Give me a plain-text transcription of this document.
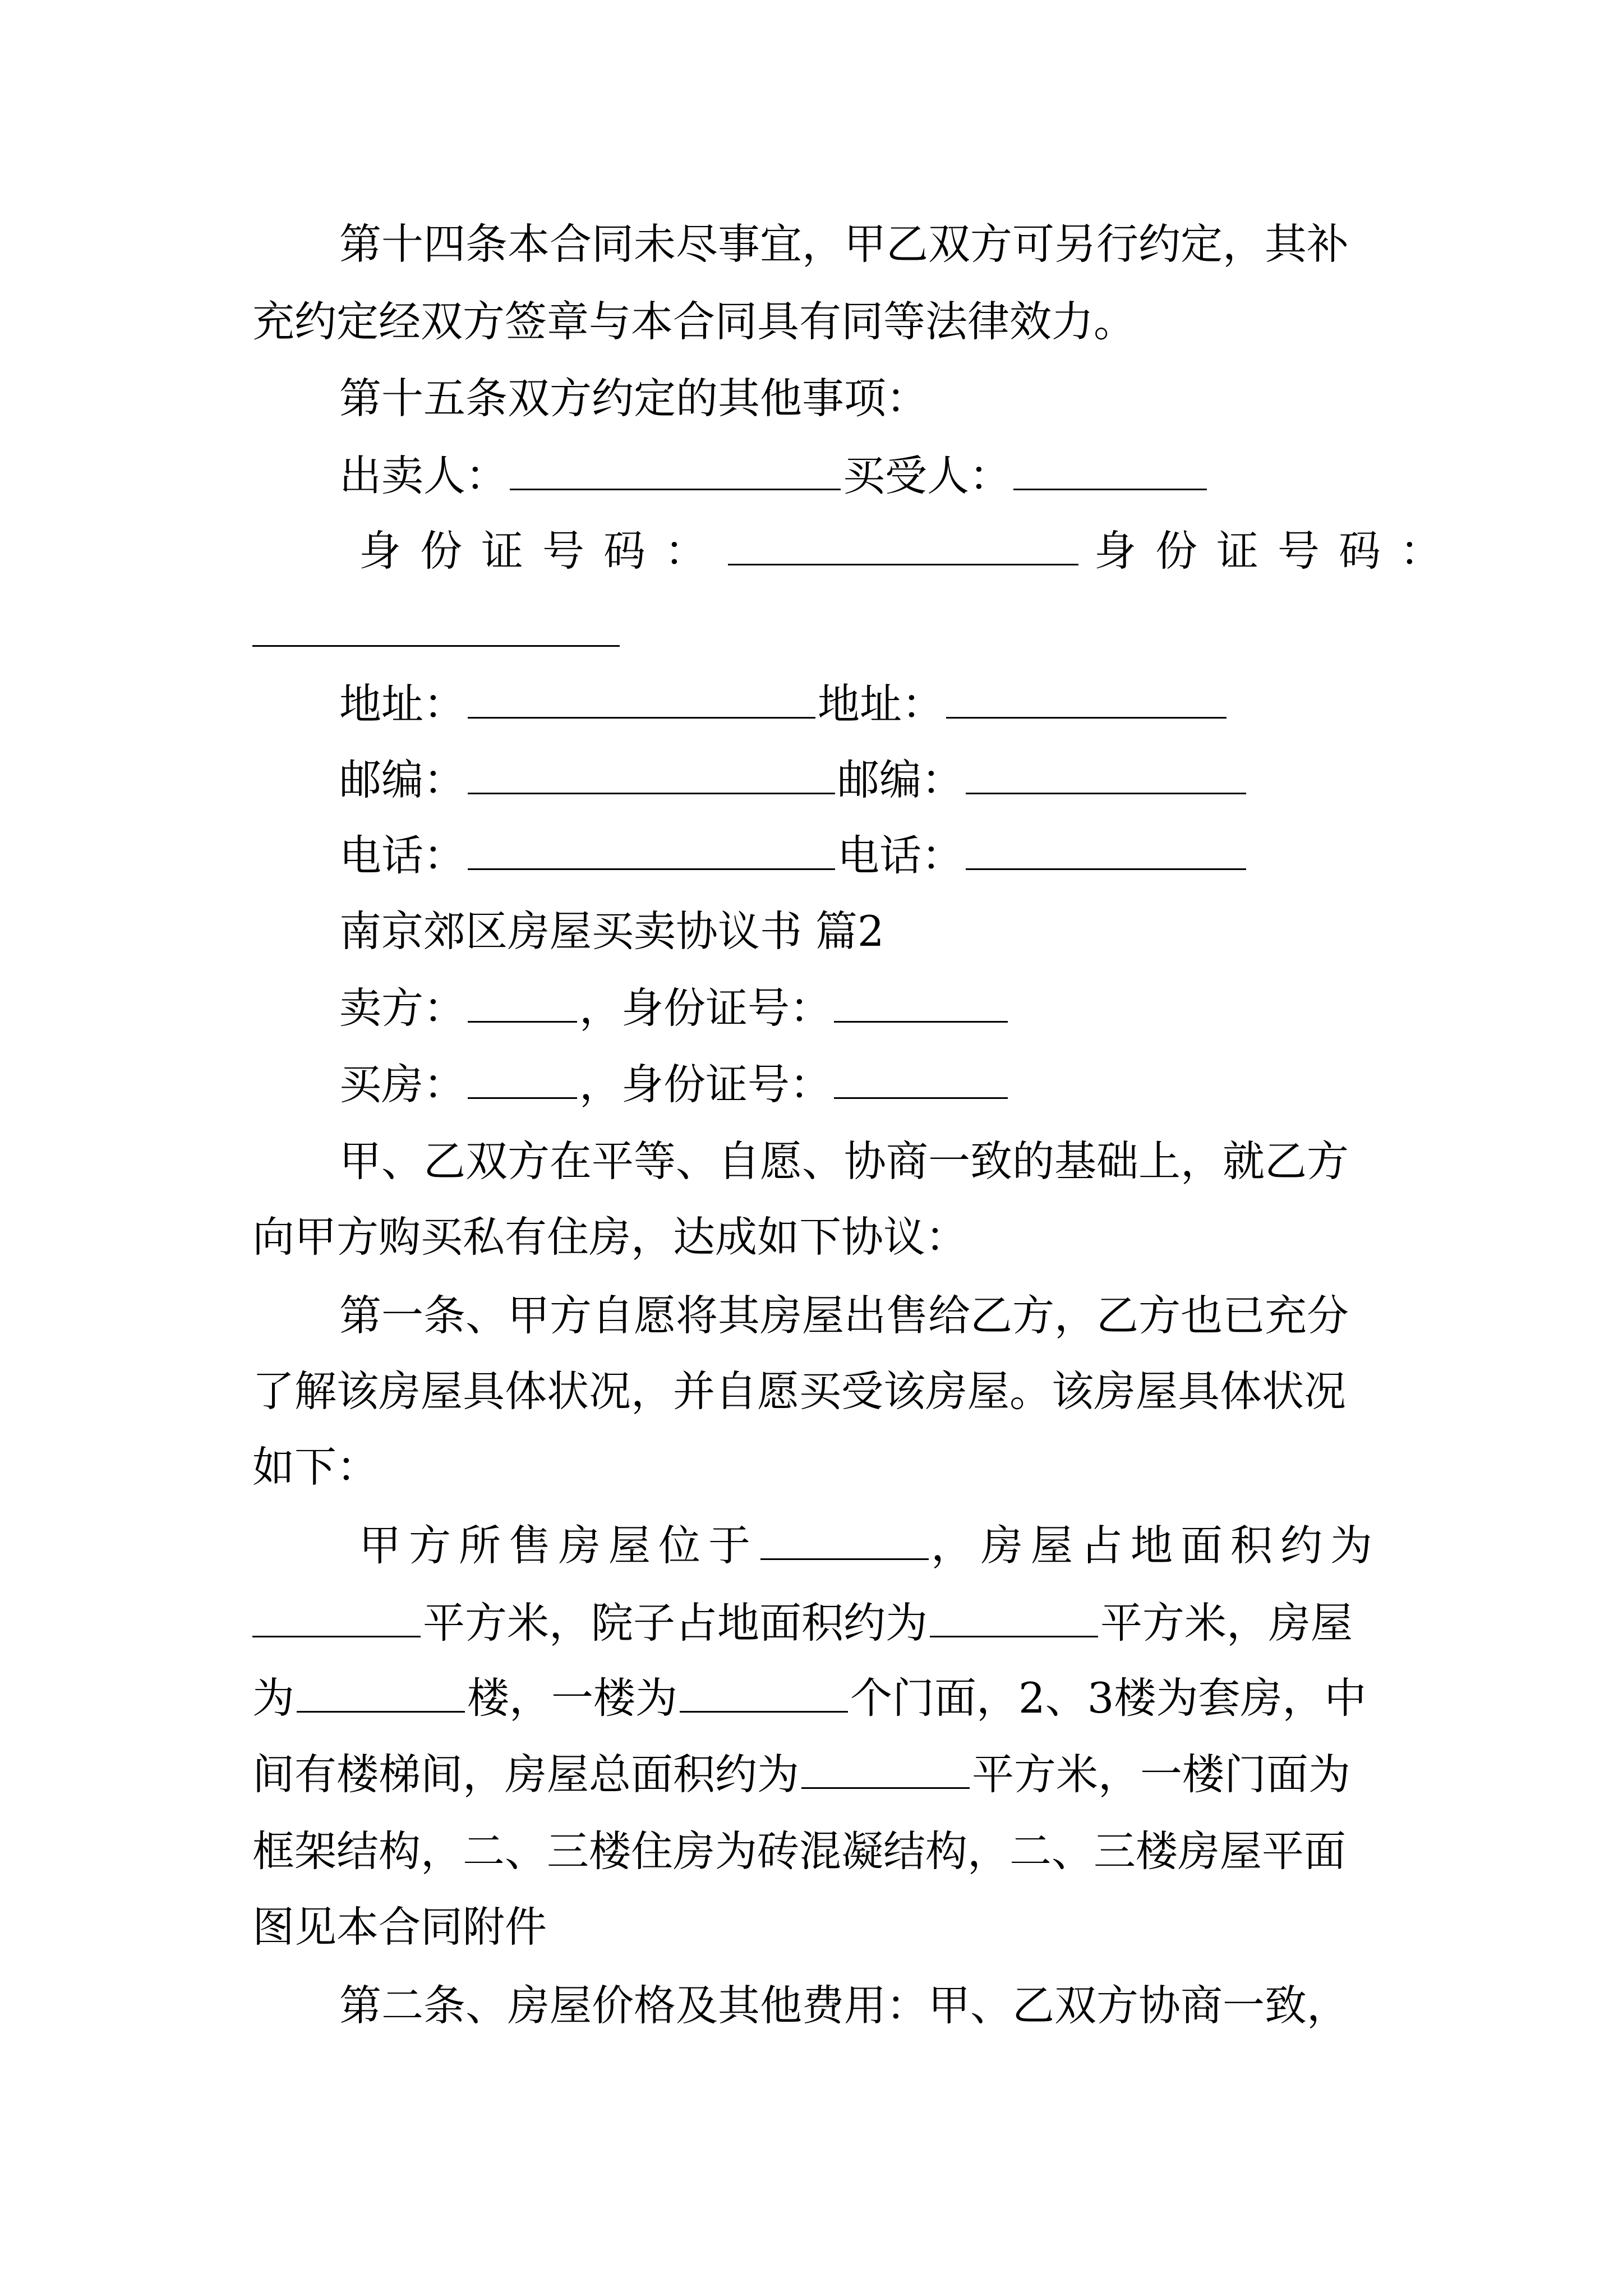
第十四条本合同未尽事宜，甲乙双方可另行约定，其补

充约定经双方签章与本合同具有同等法律效力。

第十五条双方约定的其他事项：

出卖人：	买受人：

身份证号码：	身份证号码：

地址：	地址：

邮编：	邮编：

电话：	电话：

南京郊区房屋买卖协议书 篇2

卖方：	，身份证号：

买房：	，身份证号：

甲、乙双方在平等、自愿、协商一致的基础上，就乙方

向甲方购买私有住房，达成如下协议：

第一条、甲方自愿将其房屋出售给乙方，乙方也已充分

了解该房屋具体状况，并自愿买受该房屋。该房屋具体状况

如下：

甲方所售房屋位于	，房屋占地面积约为

平方米，院子占地面积约为	平方米，房屋

为	楼，一楼为	个门面，2、3楼为套房，中

间有楼梯间，房屋总面积约为	平方米，一楼门面为

框架结构，二、三楼住房为砖混凝结构，二、三楼房屋平面

图见本合同附件

第二条、房屋价格及其他费用：甲、乙双方协商一致，
